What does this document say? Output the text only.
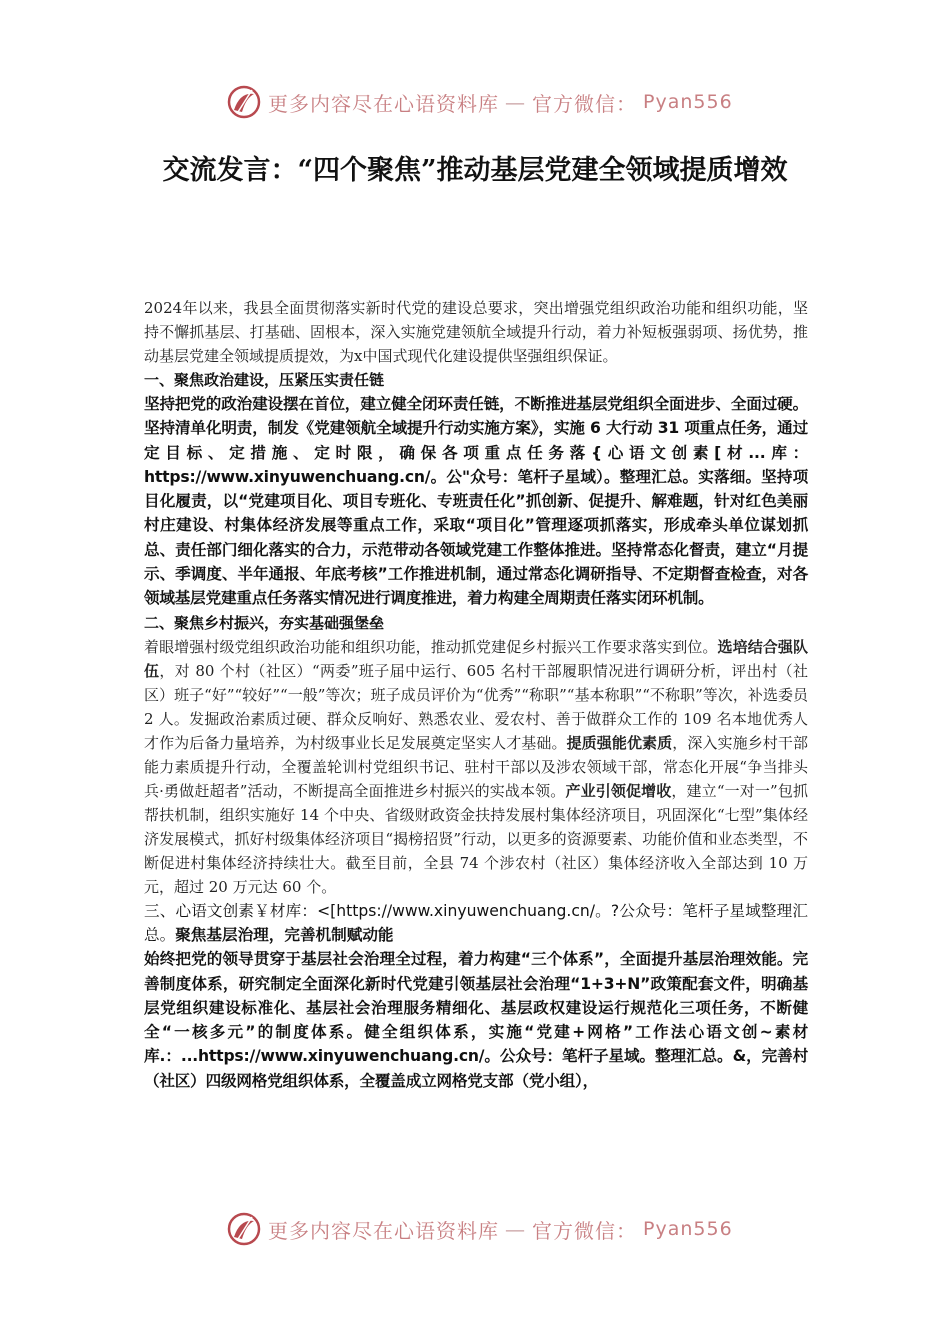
更多内容尽在心语资料库 — 官方微信： Pyan556
交流发言：“四个聚焦”推动基层党建全领域提质增效

2024年以来，我县全面贯彻落实新时代党的建设总要求，突出增强党组织政治功能和组织功能，坚持不懈抓基层、打基础、固根本，深入实施党建领航全域提升行动，着力补短板强弱项、扬优势，推动基层党建全领域提质提效，为x中国式现代化建设提供坚强组织保证。

一、聚焦政治建设，压紧压实责任链

坚持把党的政治建设摆在首位，建立健全闭环责任链，不断推进基层党组织全面进步、全面过硬。坚持清单化明责，制发《党建领航全域提升行动实施方案》，实施 6 大行动 31 项重点任务，通过定目标、定措施、定时限，确保各项重点任务落{心语文创素[材...库：https://www.xinyuwenchuang.cn/。公"众号：笔杆子星域）。整理汇总。实落细。坚持项目化履责，以“党建项目化、项目专班化、专班责任化”抓创新、促提升、解难题，针对红色美丽村庄建设、村集体经济发展等重点工作，采取“项目化”管理逐项抓落实，形成牵头单位谋划抓总、责任部门细化落实的合力，示范带动各领域党建工作整体推进。坚持常态化督责，建立“月提示、季调度、半年通报、年底考核”工作推进机制，通过常态化调研指导、不定期督查检查，对各领域基层党建重点任务落实情况进行调度推进，着力构建全周期责任落实闭环机制。

二、聚焦乡村振兴，夯实基础强堡垒

着眼增强村级党组织政治功能和组织功能，推动抓党建促乡村振兴工作要求落实到位。选培结合强队伍，对 80 个村（社区）“两委”班子届中运行、605 名村干部履职情况进行调研分析，评出村（社区）班子“好”“较好”“一般”等次；班子成员评价为“优秀”“称职”“基本称职”“不称职”等次，补选委员 2 人。发掘政治素质过硬、群众反响好、熟悉农业、爱农村、善于做群众工作的 109 名本地优秀人才作为后备力量培养，为村级事业长足发展奠定坚实人才基础。提质强能优素质，深入实施乡村干部能力素质提升行动，全覆盖轮训村党组织书记、驻村干部以及涉农领域干部，常态化开展“争当排头兵·勇做赶超者”活动，不断提高全面推进乡村振兴的实战本领。产业引领促增收，建立“一对一”包抓帮扶机制，组织实施好 14 个中央、省级财政资金扶持发展村集体经济项目，巩固深化“七型”集体经济发展模式，抓好村级集体经济项目“揭榜招贤”行动，以更多的资源要素、功能价值和业态类型，不断促进村集体经济持续壮大。截至目前，全县 74 个涉农村（社区）集体经济收入全部达到 10 万元，超过 20 万元达 60 个。

三、心语文创素￥材库：<[https://www.xinyuwenchuang.cn/。?公众号：笔杆子星域整理汇总。聚焦基层治理，完善机制赋动能

始终把党的领导贯穿于基层社会治理全过程，着力构建“三个体系”，全面提升基层治理效能。完善制度体系，研究制定全面深化新时代党建引领基层社会治理“1+3+N”政策配套文件，明确基层党组织建设标准化、基层社会治理服务精细化、基层政权建设运行规范化三项任务，不断健全“一核多元”的制度体系。健全组织体系，实施“党建+网格”工作法心语文创~素材库.：...https://www.xinyuwenchuang.cn/。公众号：笔杆子星域。整理汇总。&，完善村（社区）四级网格党组织体系，全覆盖成立网格党支部（党小组），

更多内容尽在心语资料库 — 官方微信： Pyan556
